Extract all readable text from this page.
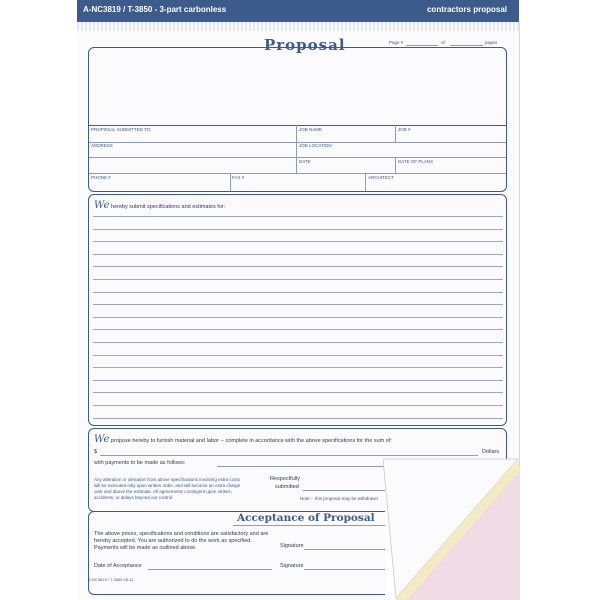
A-NC3819 / T-3850 - 3-part carbonless	contractors proposal
Proposal	Page #	of	pages
PROPOSAL SUBMITTED TO:	JOB NAME	JOB #
ADDRESS	JOB LOCATION
DATE	DATE OF PLANS
PHONE #	FAX #	ARCHITECT
We hereby submit specifications and estimates for:
We propose hereby to furnish material and labor -- complete in accordance with the above specifications for the sum of:
$	Dollars
with payments to be made as follows:
Any alteration or deviation from above specifications involving extra costs
will be executed only upon written order, and will become an extra charge
over and above the estimate. All agreements contingent upon strikes,
accidents, or delays beyond our control.
Respectfully
submitted
Note -- this proposal may be withdrawn
Acceptance of Proposal
The above prices, specifications and conditions are satisfactory and are
hereby accepted. You are authorized to do the work as specified.
Payments will be made as outlined above.	Signature
Date of Acceptance	Signature
A-NC3819 / T-3850 06-11
